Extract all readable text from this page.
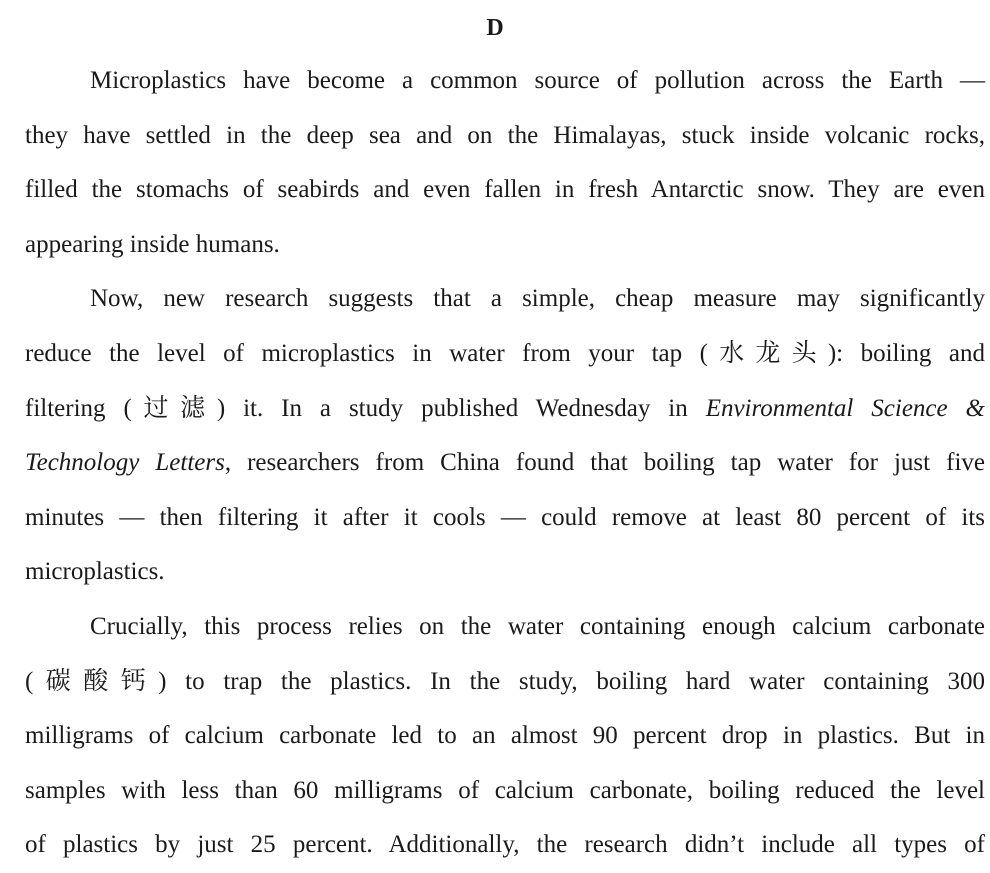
D
Microplastics have become a common source of pollution across the Earth —
they have settled in the deep sea and on the Himalayas, stuck inside volcanic rocks,
filled the stomachs of seabirds and even fallen in fresh Antarctic snow. They are even
appearing inside humans.
Now, new research suggests that a simple, cheap measure may significantly
reduce the level of microplastics in water from your tap (水龙头): boiling and
filtering (过滤) it. In a study published Wednesday in Environmental Science &
Technology Letters, researchers from China found that boiling tap water for just five
minutes — then filtering it after it cools — could remove at least 80 percent of its
microplastics.
Crucially, this process relies on the water containing enough calcium carbonate
(碳酸钙) to trap the plastics. In the study, boiling hard water containing 300
milligrams of calcium carbonate led to an almost 90 percent drop in plastics. But in
samples with less than 60 milligrams of calcium carbonate, boiling reduced the level
of plastics by just 25 percent. Additionally, the research didn’t include all types of
